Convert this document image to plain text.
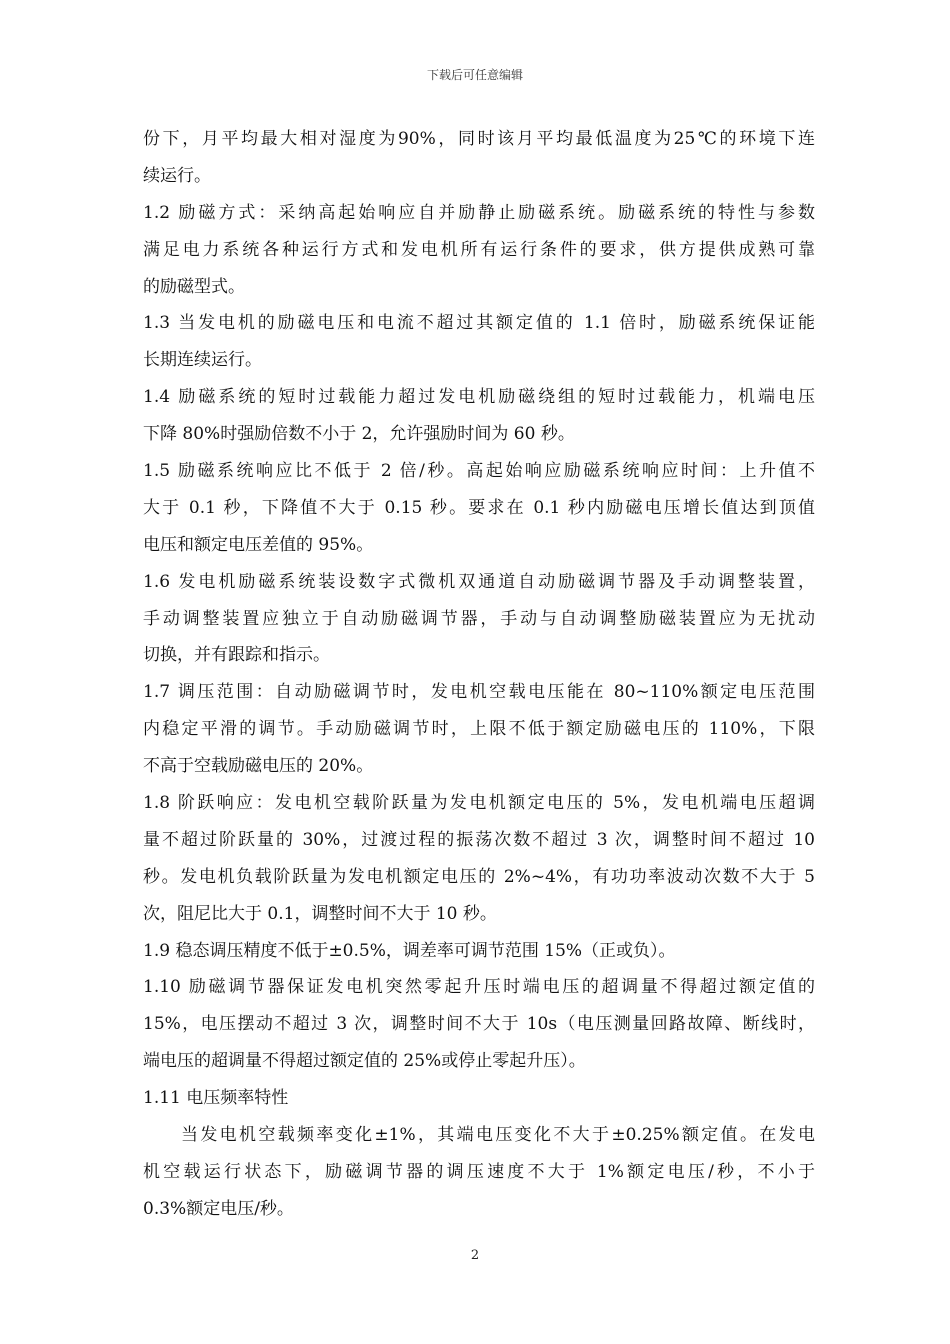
下载后可任意编辑
份下，月平均最大相对湿度为90%，同时该月平均最低温度为25℃的环境下连
续运行。
1.2 励磁方式：采纳高起始响应自并励静止励磁系统。励磁系统的特性与参数
满足电力系统各种运行方式和发电机所有运行条件的要求，供方提供成熟可靠
的励磁型式。
1.3 当发电机的励磁电压和电流不超过其额定值的 1.1 倍时，励磁系统保证能
长期连续运行。
1.4 励磁系统的短时过载能力超过发电机励磁绕组的短时过载能力，机端电压
下降 80%时强励倍数不小于 2，允许强励时间为 60 秒。
1.5 励磁系统响应比不低于 2 倍/秒。高起始响应励磁系统响应时间：上升值不
大于 0.1 秒，下降值不大于 0.15 秒。要求在 0.1 秒内励磁电压增长值达到顶值
电压和额定电压差值的 95%。
1.6 发电机励磁系统装设数字式微机双通道自动励磁调节器及手动调整装置，
手动调整装置应独立于自动励磁调节器，手动与自动调整励磁装置应为无扰动
切换，并有跟踪和指示。
1.7 调压范围：自动励磁调节时，发电机空载电压能在 80~110%额定电压范围
内稳定平滑的调节。手动励磁调节时，上限不低于额定励磁电压的 110%，下限
不高于空载励磁电压的 20%。
1.8 阶跃响应：发电机空载阶跃量为发电机额定电压的 5%，发电机端电压超调
量不超过阶跃量的 30%，过渡过程的振荡次数不超过 3 次，调整时间不超过 10
秒。发电机负载阶跃量为发电机额定电压的 2%~4%，有功功率波动次数不大于 5
次，阻尼比大于 0.1，调整时间不大于 10 秒。
1.9 稳态调压精度不低于±0.5%，调差率可调节范围 15%（正或负）。
1.10 励磁调节器保证发电机突然零起升压时端电压的超调量不得超过额定值的
15%，电压摆动不超过 3 次，调整时间不大于 10s（电压测量回路故障、断线时，
端电压的超调量不得超过额定值的 25%或停止零起升压）。
1.11 电压频率特性
当发电机空载频率变化±1%，其端电压变化不大于±0.25%额定值。在发电
机空载运行状态下，励磁调节器的调压速度不大于 1%额定电压/秒，不小于
0.3%额定电压/秒。
2
